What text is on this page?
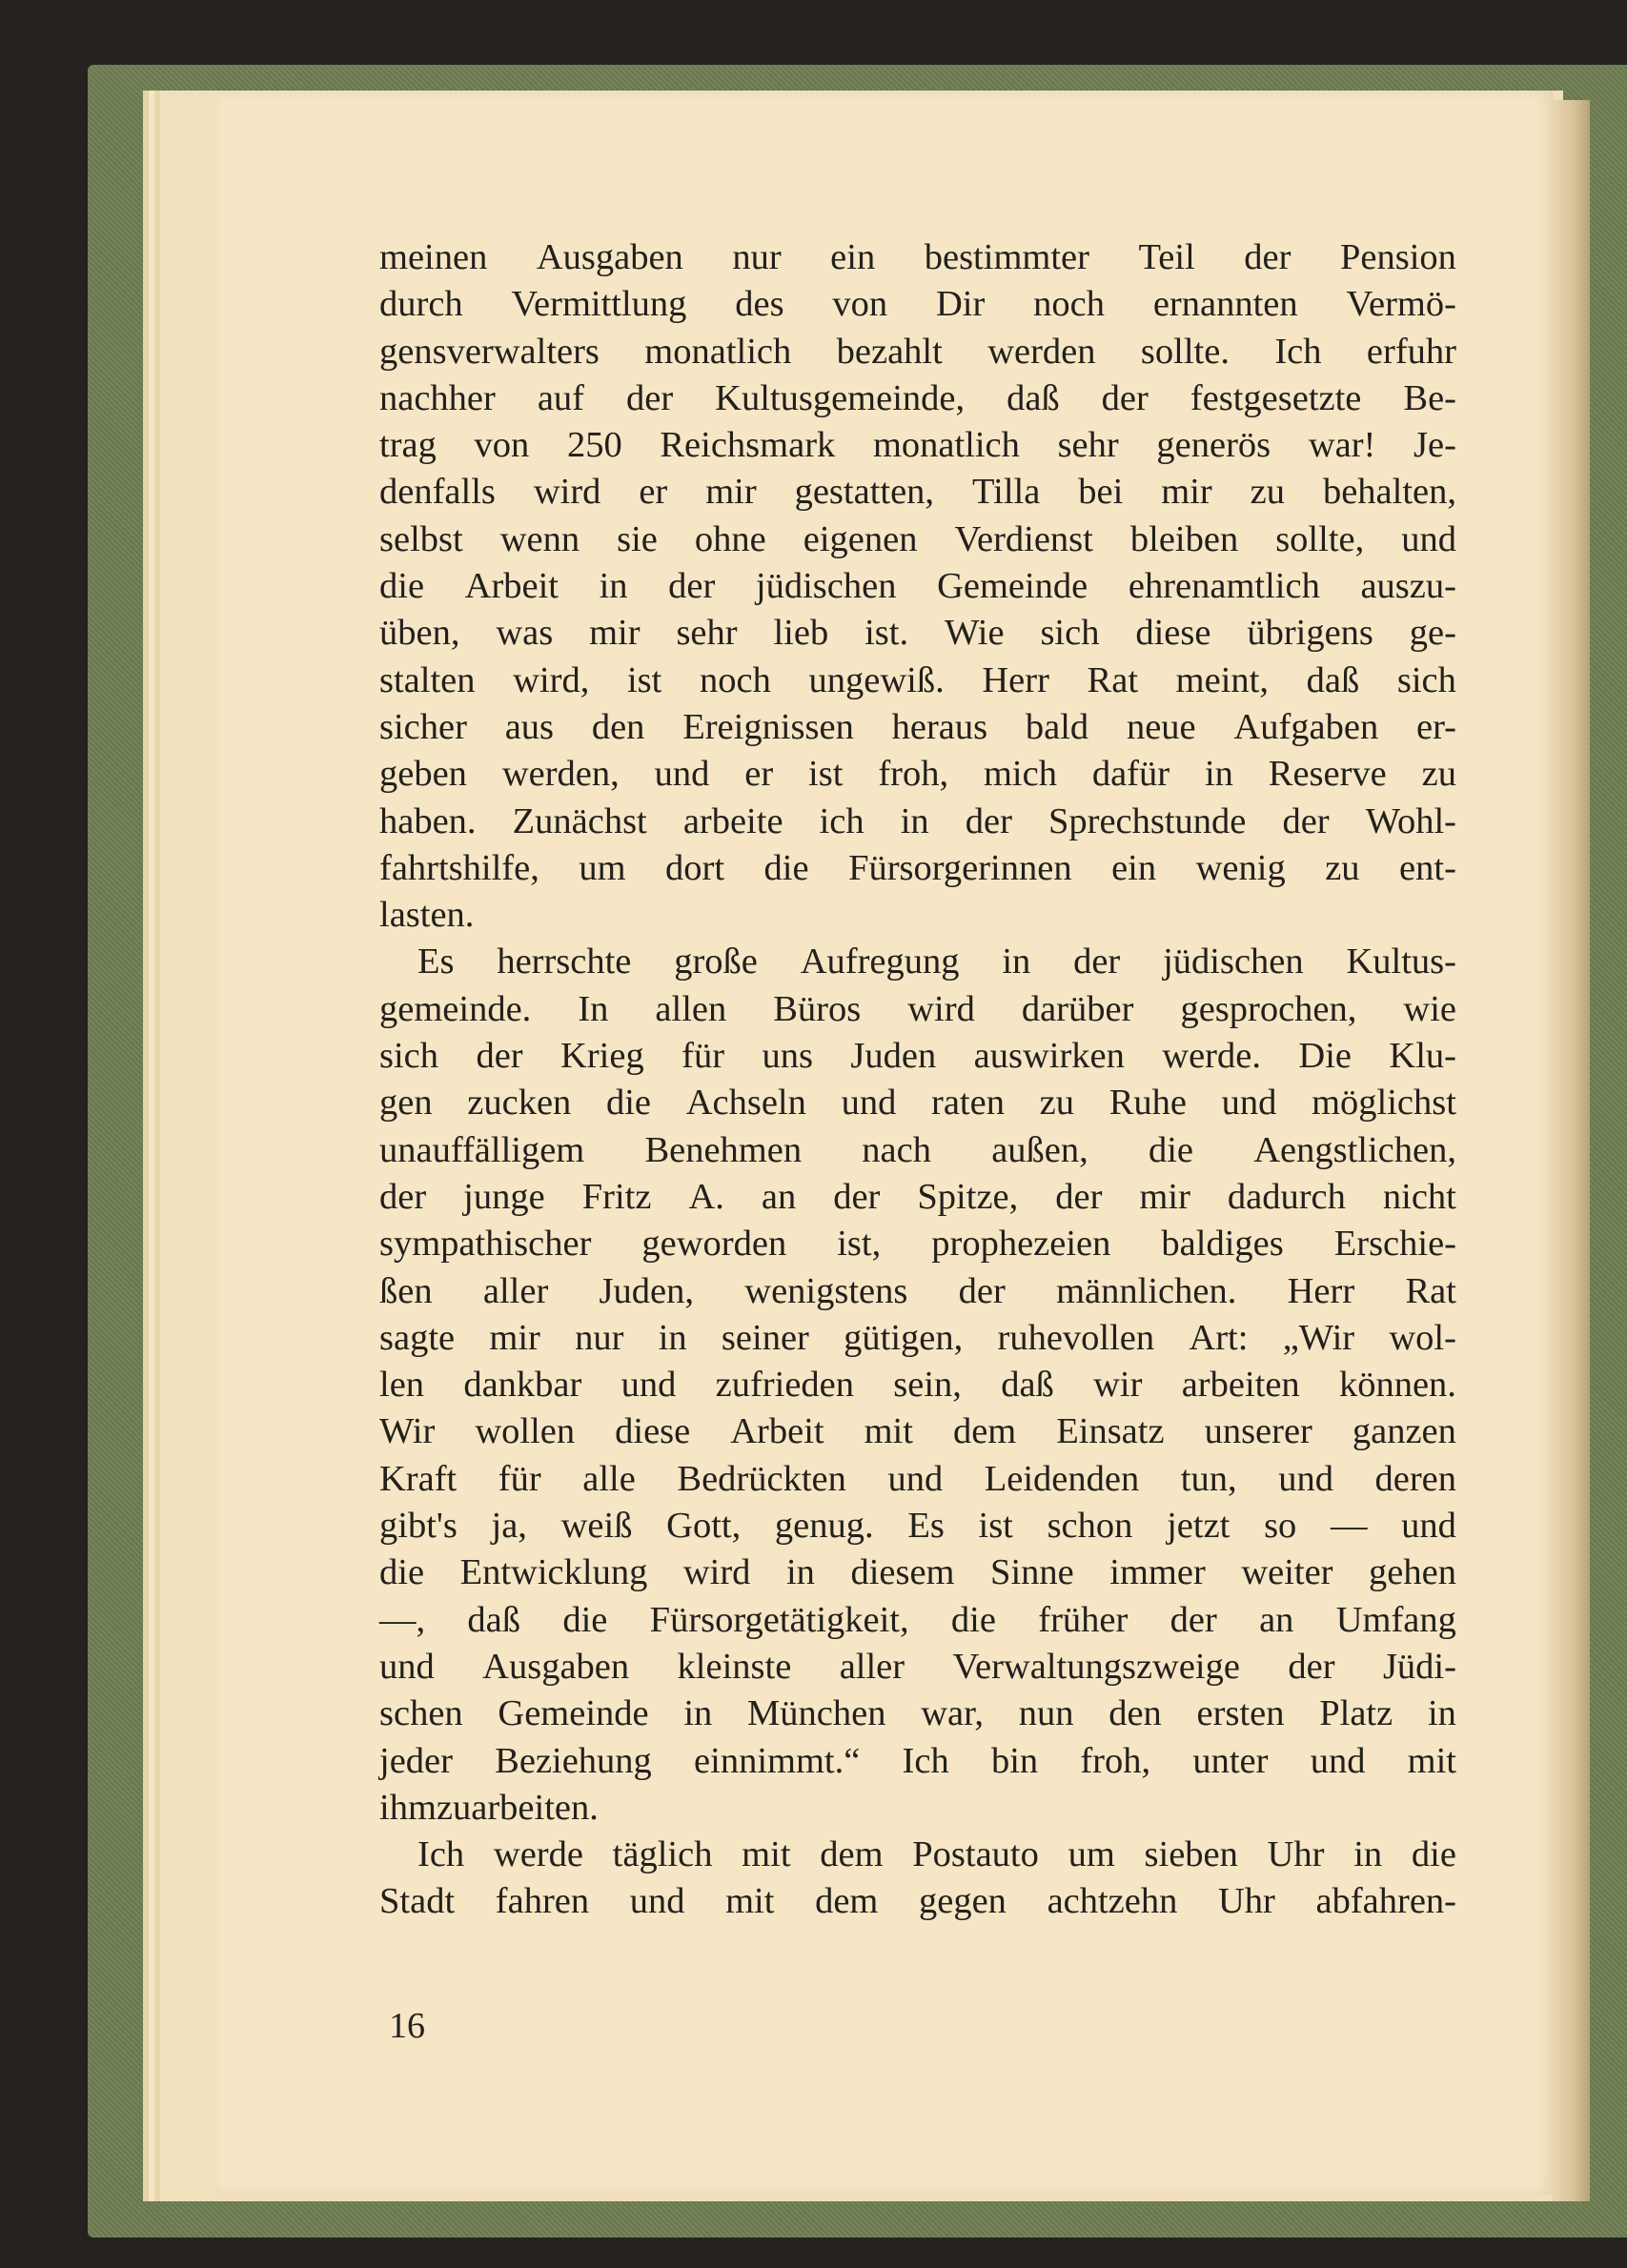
meinen Ausgaben nur ein bestimmter Teil der Pension
durch Vermittlung des von Dir noch ernannten Vermö-
gensverwalters monatlich bezahlt werden sollte. Ich erfuhr
nachher auf der Kultusgemeinde, daß der festgesetzte Be-
trag von 250 Reichsmark monatlich sehr generös war! Je-
denfalls wird er mir gestatten, Tilla bei mir zu behalten,
selbst wenn sie ohne eigenen Verdienst bleiben sollte, und
die Arbeit in der jüdischen Gemeinde ehrenamtlich auszu-
üben, was mir sehr lieb ist. Wie sich diese übrigens ge-
stalten wird, ist noch ungewiß. Herr Rat meint, daß sich
sicher aus den Ereignissen heraus bald neue Aufgaben er-
geben werden, und er ist froh, mich dafür in Reserve zu
haben. Zunächst arbeite ich in der Sprechstunde der Wohl-
fahrtshilfe, um dort die Fürsorgerinnen ein wenig zu ent-
lasten.
Es herrschte große Aufregung in der jüdischen Kultus-
gemeinde. In allen Büros wird darüber gesprochen, wie
sich der Krieg für uns Juden auswirken werde. Die Klu-
gen zucken die Achseln und raten zu Ruhe und möglichst
unauffälligem Benehmen nach außen, die Aengstlichen,
der junge Fritz A. an der Spitze, der mir dadurch nicht
sympathischer geworden ist, prophezeien baldiges Erschie-
ßen aller Juden, wenigstens der männlichen. Herr Rat
sagte mir nur in seiner gütigen, ruhevollen Art: „Wir wol-
len dankbar und zufrieden sein, daß wir arbeiten können.
Wir wollen diese Arbeit mit dem Einsatz unserer ganzen
Kraft für alle Bedrückten und Leidenden tun, und deren
gibt's ja, weiß Gott, genug. Es ist schon jetzt so — und
die Entwicklung wird in diesem Sinne immer weiter gehen
—, daß die Fürsorgetätigkeit, die früher der an Umfang
und Ausgaben kleinste aller Verwaltungszweige der Jüdi-
schen Gemeinde in München war, nun den ersten Platz in
jeder Beziehung einnimmt.“ Ich bin froh, unter und mit
ihm zu arbeiten.
Ich werde täglich mit dem Postauto um sieben Uhr in die
Stadt fahren und mit dem gegen achtzehn Uhr abfahren-
16
